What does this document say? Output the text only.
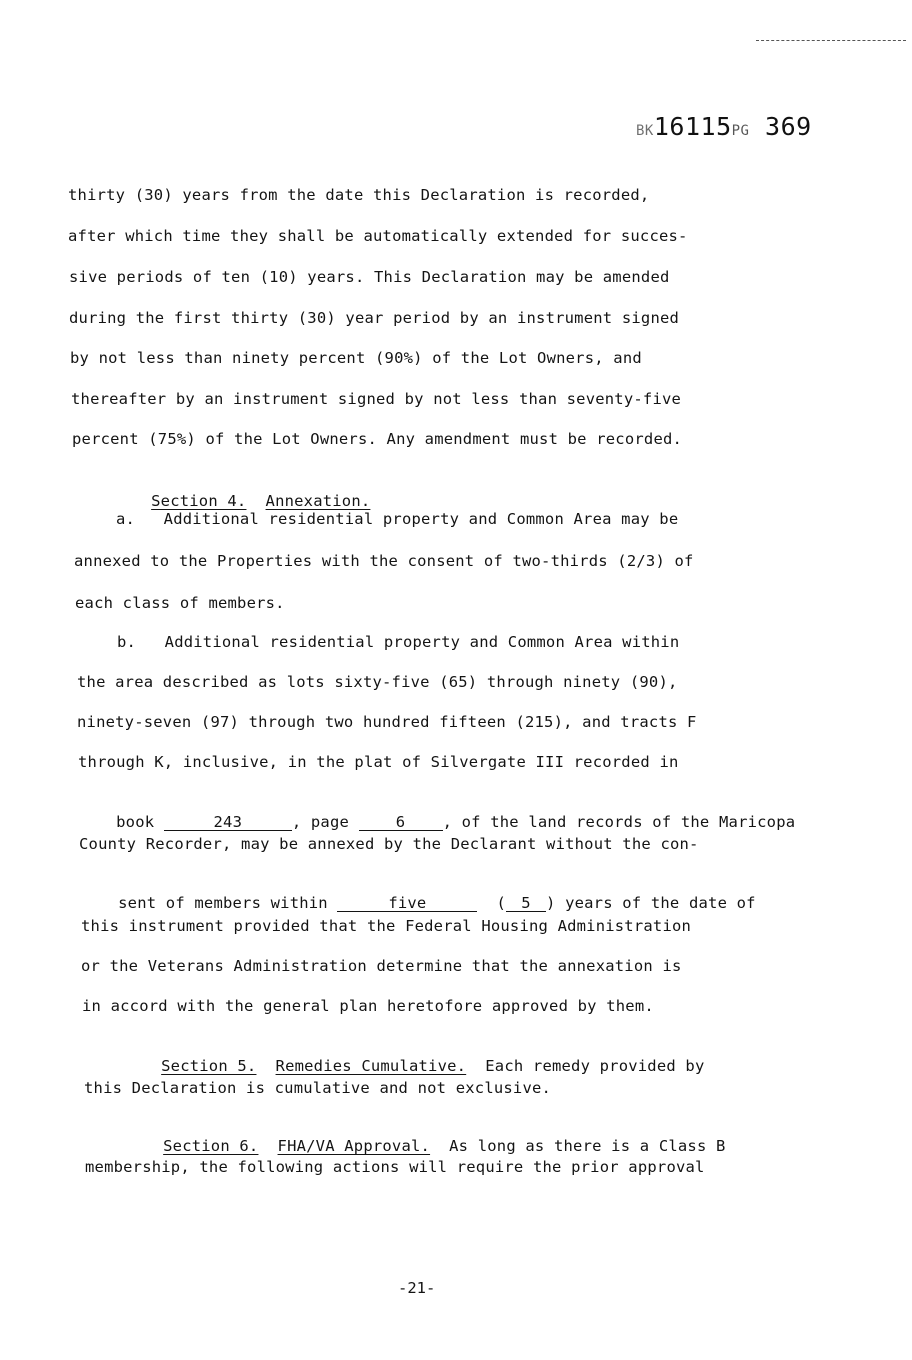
BK16115PG 369
thirty (30) years from the date this Declaration is recorded,
after which time they shall be automatically extended for succes-
sive periods of ten (10) years. This Declaration may be amended
during the first thirty (30) year period by an instrument signed
by not less than ninety percent (90%) of the Lot Owners, and
thereafter by an instrument signed by not less than seventy-five
percent (75%) of the Lot Owners. Any amendment must be recorded.

Section 4. Annexation.

a.   Additional residential property and Common Area may be
annexed to the Properties with the consent of two-thirds (2/3) of
each class of members.
b.   Additional residential property and Common Area within
the area described as lots sixty-five (65) through ninety (90),
ninety-seven (97) through two hundred fifteen (215), and tracts F
through K, inclusive, in the plat of Silvergate III recorded in

book	243	, page	6 , of the land records of the Maricopa

County Recorder, may be annexed by the Declarant without the con-

sent of members within	five	( 5 ) years of the date of

this instrument provided that the Federal Housing Administration
or the Veterans Administration determine that the annexation is
in accord with the general plan heretofore approved by them.

Section 5. Remedies Cumulative. Each remedy provided by

this Declaration is cumulative and not exclusive.

Section 6. FHA/VA Approval. As long as there is a Class B

membership, the following actions will require the prior approval
-21-
